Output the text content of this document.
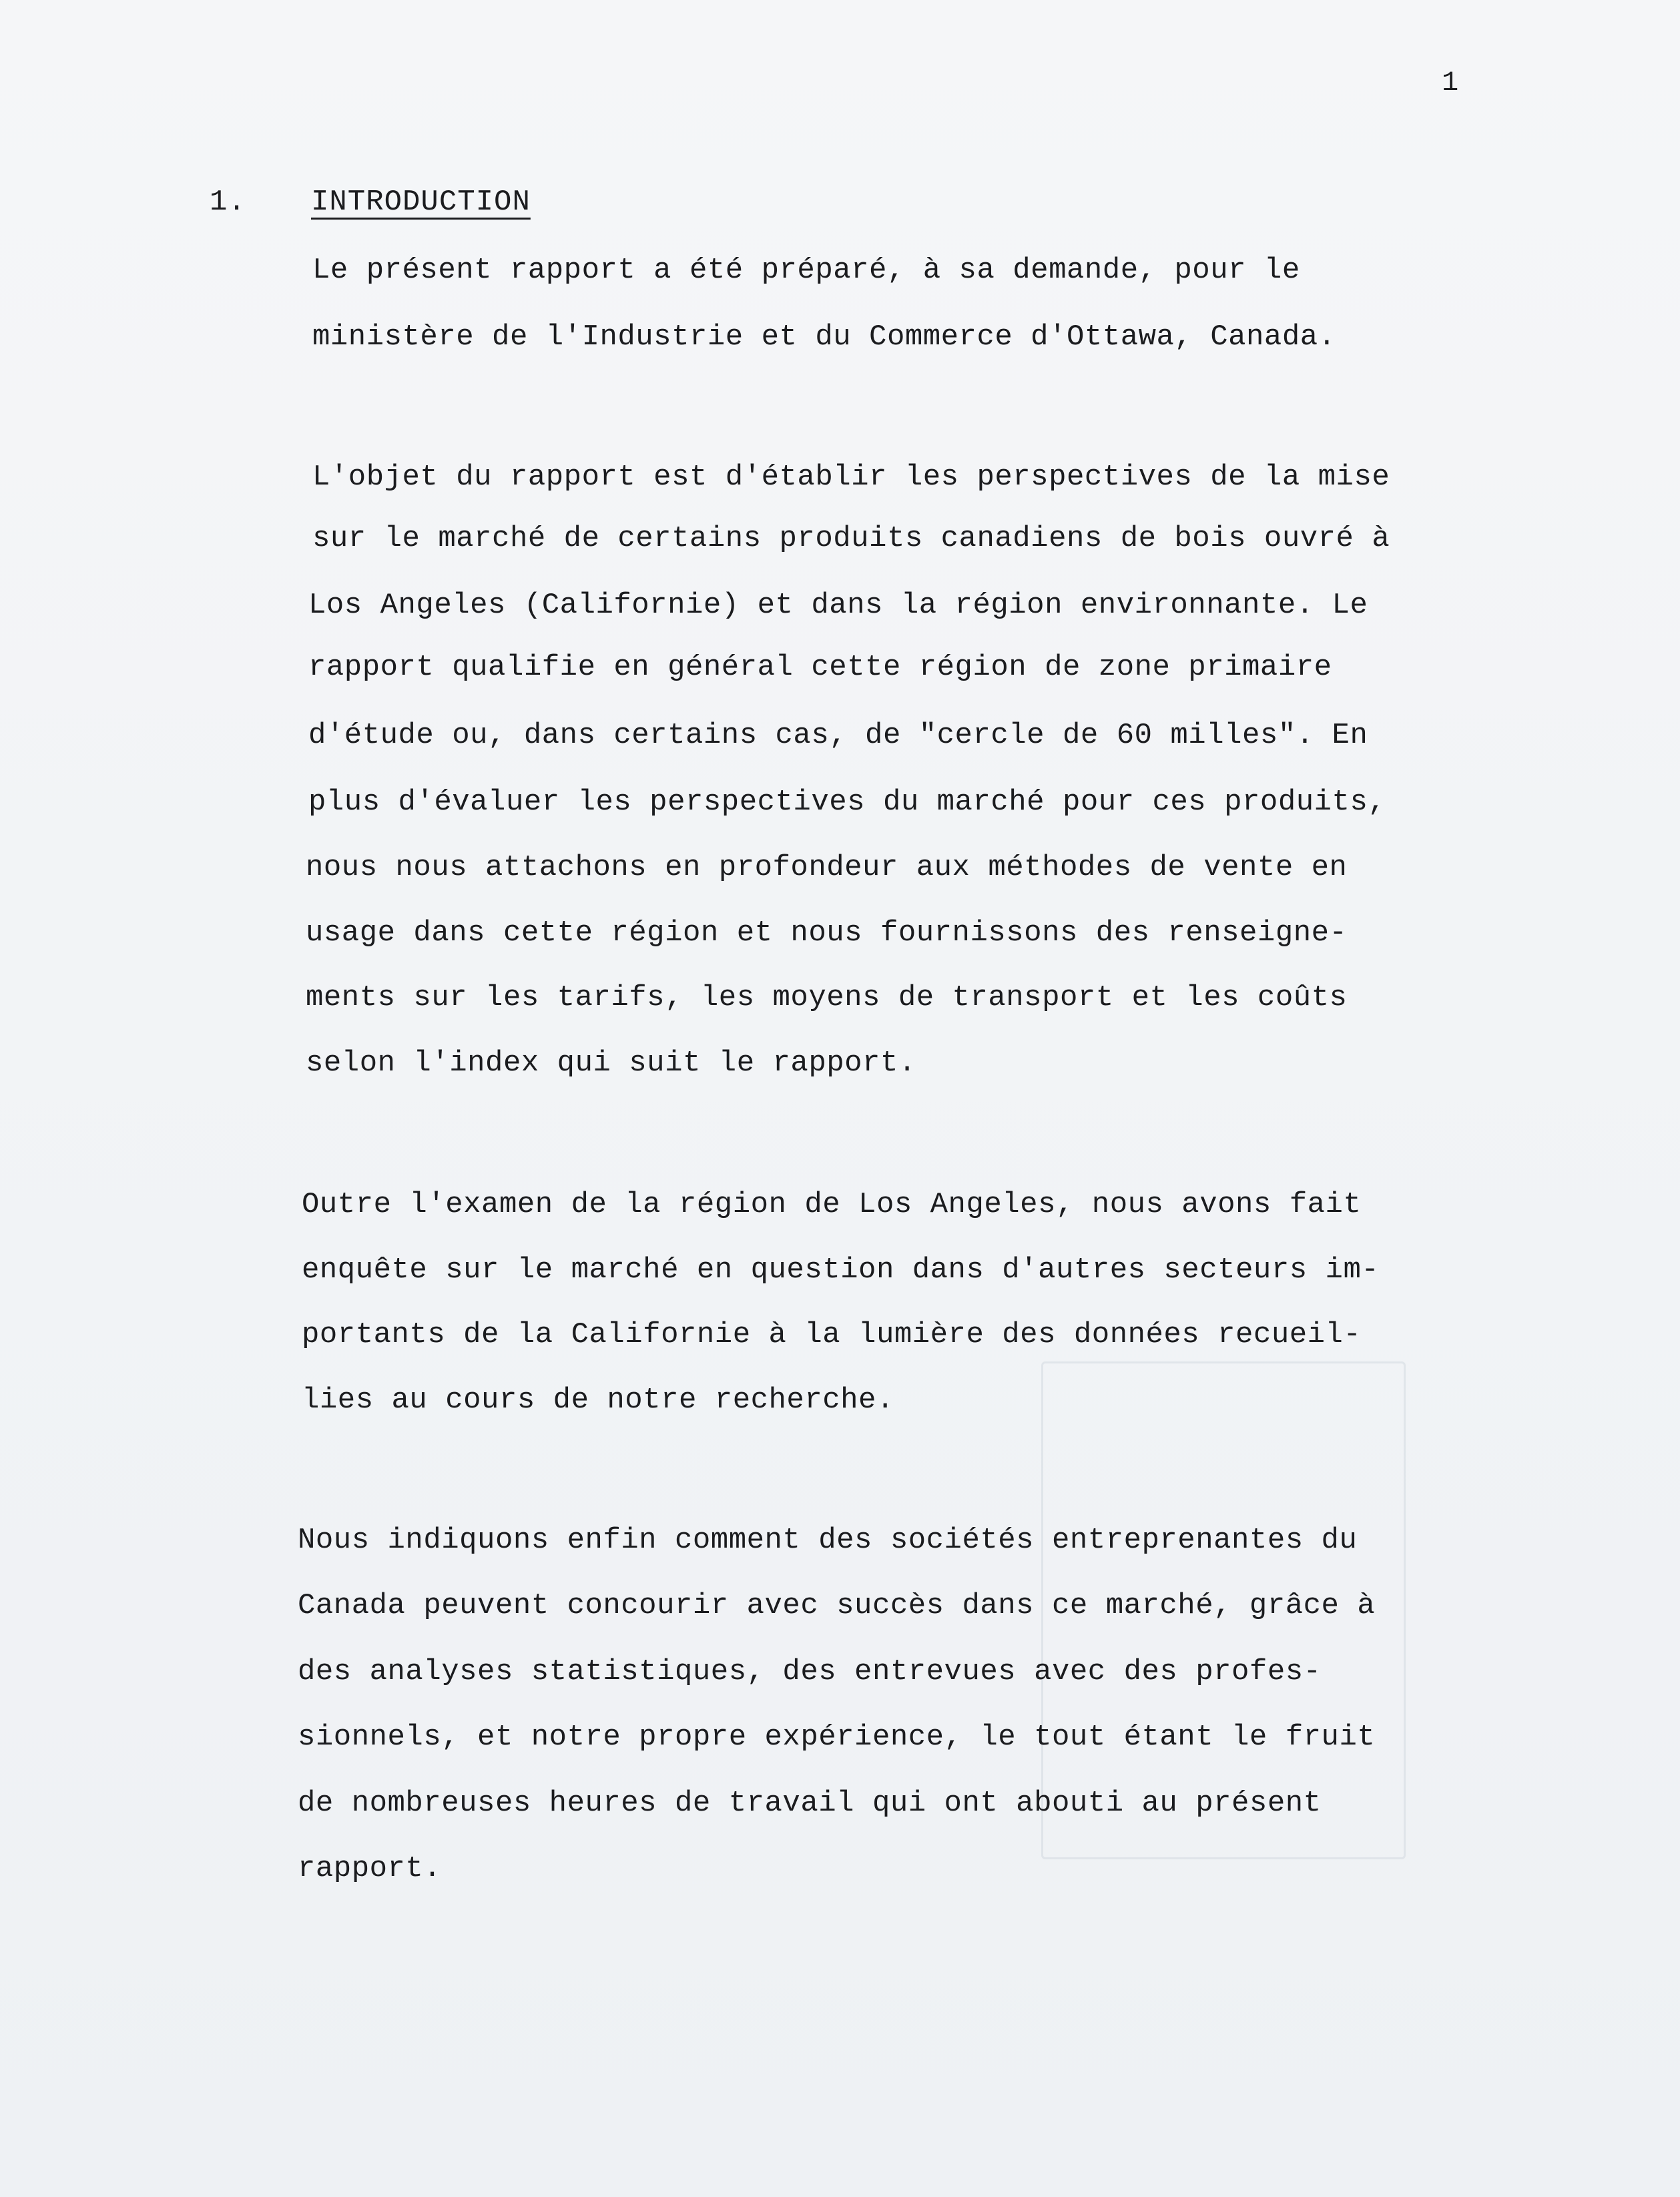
1
1. INTRODUCTION
Le présent rapport a été préparé, à sa demande, pour le
ministère de l'Industrie et du Commerce d'Ottawa, Canada.
L'objet du rapport est d'établir les perspectives de la mise
sur le marché de certains produits canadiens de bois ouvré à
Los Angeles (Californie) et dans la région environnante. Le
rapport qualifie en général cette région de zone primaire
d'étude ou, dans certains cas, de "cercle de 60 milles". En
plus d'évaluer les perspectives du marché pour ces produits,
nous nous attachons en profondeur aux méthodes de vente en
usage dans cette région et nous fournissons des renseigne-
ments sur les tarifs, les moyens de transport et les coûts
selon l'index qui suit le rapport.
Outre l'examen de la région de Los Angeles, nous avons fait
enquête sur le marché en question dans d'autres secteurs im-
portants de la Californie à la lumière des données recueil-
lies au cours de notre recherche.
Nous indiquons enfin comment des sociétés entreprenantes du
Canada peuvent concourir avec succès dans ce marché, grâce à
des analyses statistiques, des entrevues avec des profes-
sionnels, et notre propre expérience, le tout étant le fruit
de nombreuses heures de travail qui ont abouti au présent
rapport.
